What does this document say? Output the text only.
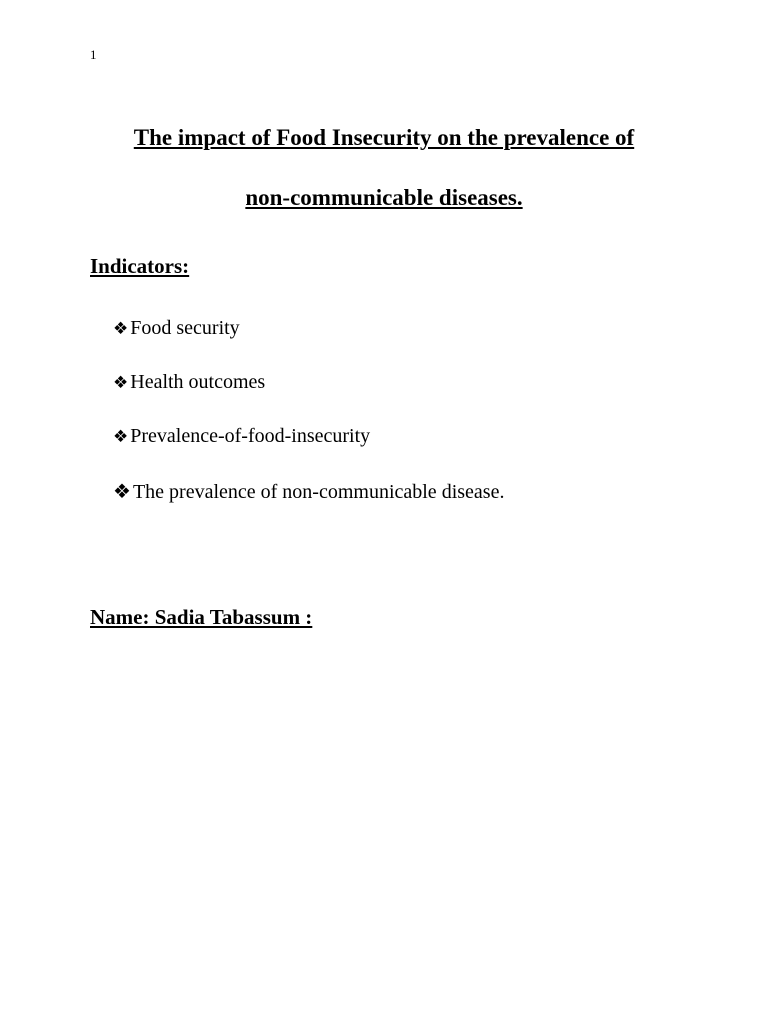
1
The impact of Food Insecurity on the prevalence of
non-communicable diseases.
Indicators:
❖ Food security
❖ Health outcomes
❖ Prevalence-of-food-insecurity
❖ The prevalence of non-communicable disease.
Name: Sadia Tabassum :
